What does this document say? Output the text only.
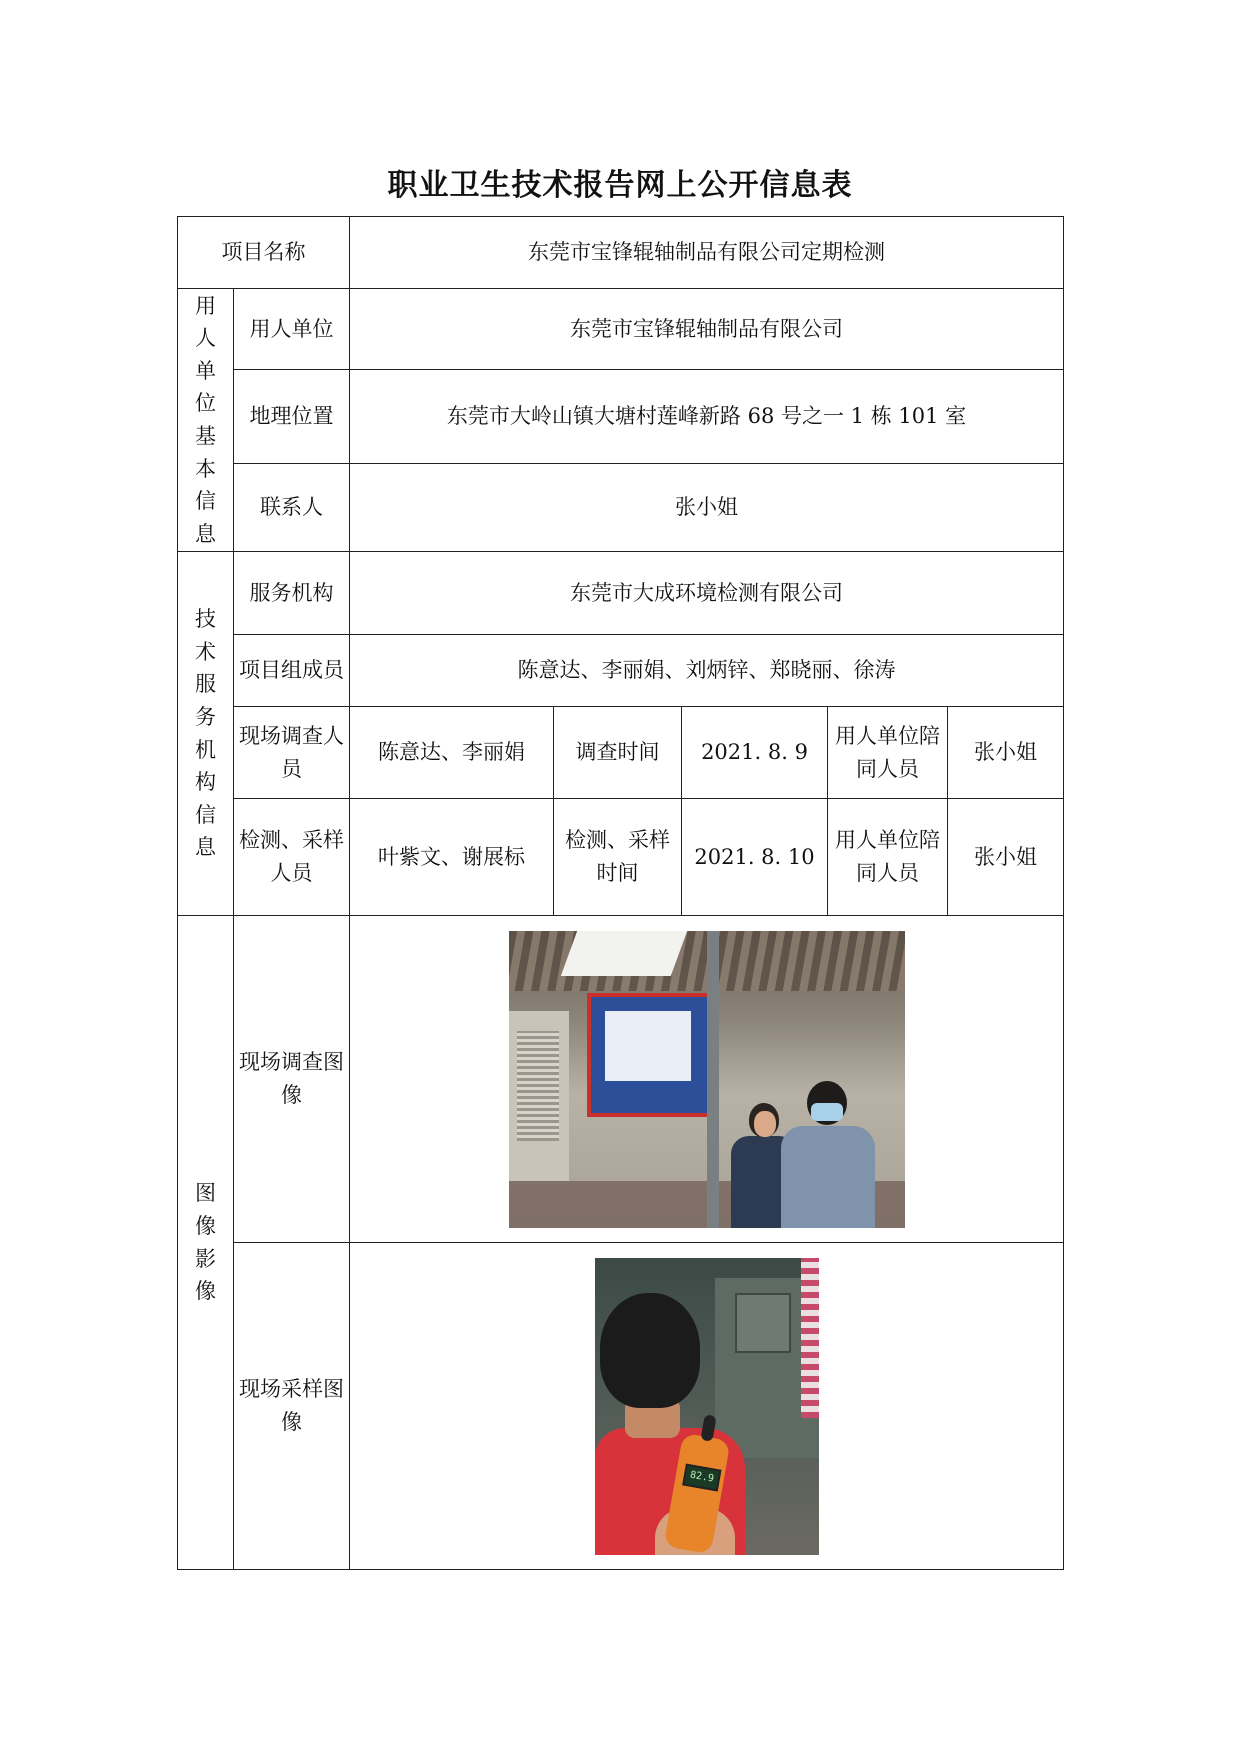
职业卫生技术报告网上公开信息表
项目名称		东莞市宝锋辊轴制品有限公司定期检测				

用人单位基本信息	用人单位	东莞市宝锋辊轴制品有限公司				
	地理位置	东莞市大岭山镇大塘村莲峰新路 68 号之一 1 栋 101 室				
	联系人	张小姐				

技术服务机构信息	服务机构	东莞市大成环境检测有限公司				
	项目组成员	陈意达、李丽娟、刘炳锌、郑晓丽、徐涛				
	现场调查人员	陈意达、李丽娟	调查时间	2021. 8. 9	用人单位陪同人员	张小姐
	检测、采样人员	叶紫文、谢展标	检测、采样时间	2021. 8. 10	用人单位陪同人员	张小姐

图像影像	现场调查图像					

	现场采样图像	82.9				
